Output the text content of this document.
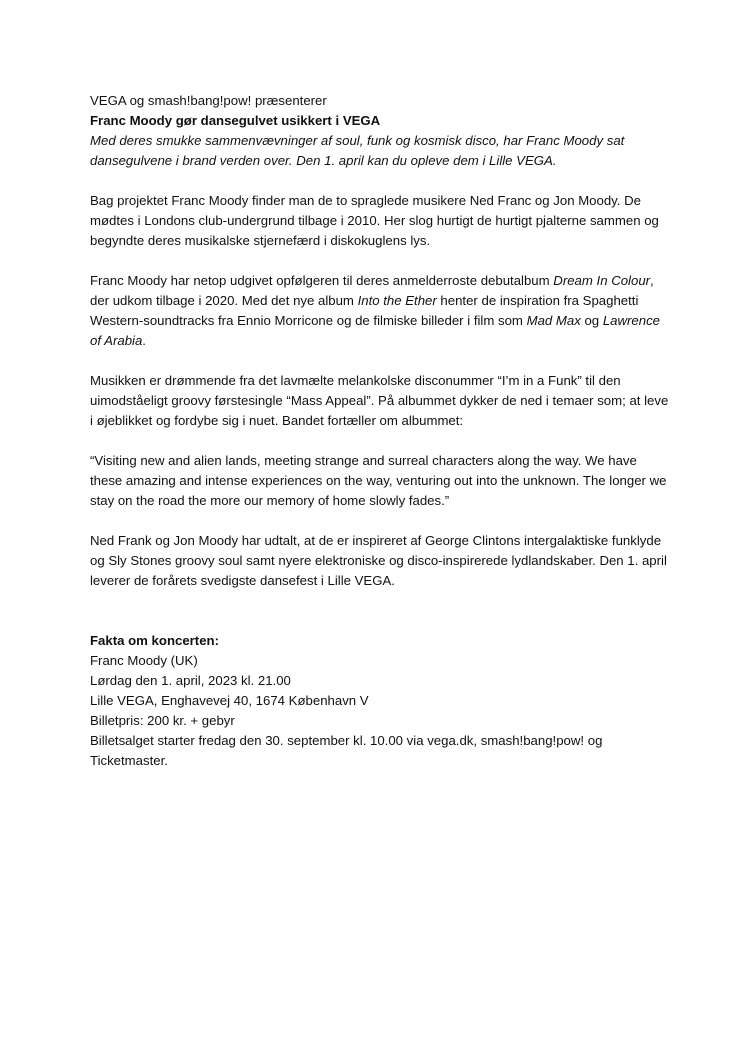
VEGA og smash!bang!pow! præsenterer

Franc Moody gør dansegulvet usikkert i VEGA

Med deres smukke sammenvævninger af soul, funk og kosmisk disco, har Franc Moody sat dansegulvene i brand verden over. Den 1. april kan du opleve dem i Lille VEGA.

Bag projektet Franc Moody finder man de to spraglede musikere Ned Franc og Jon Moody. De mødtes i Londons club-undergrund tilbage i 2010. Her slog hurtigt de hurtigt pjalterne sammen og begyndte deres musikalske stjernefærd i diskokuglens lys.

Franc Moody har netop udgivet opfølgeren til deres anmelderroste debutalbum Dream In Colour, der udkom tilbage i 2020. Med det nye album Into the Ether henter de inspiration fra Spaghetti Western-soundtracks fra Ennio Morricone og de filmiske billeder i film som Mad Max og Lawrence of Arabia.

Musikken er drømmende fra det lavmælte melankolske disconummer “I’m in a Funk” til den uimodståeligt groovy førstesingle “Mass Appeal”. På albummet dykker de ned i temaer som; at leve i øjeblikket og fordybe sig i nuet. Bandet fortæller om albummet:

“Visiting new and alien lands, meeting strange and surreal characters along the way. We have these amazing and intense experiences on the way, venturing out into the unknown. The longer we stay on the road the more our memory of home slowly fades.”

Ned Frank og Jon Moody har udtalt, at de er inspireret af George Clintons intergalaktiske funklyde og Sly Stones groovy soul samt nyere elektroniske og disco-inspirerede lydlandskaber. Den 1. april leverer de forårets svedigste dansefest i Lille VEGA.

Fakta om koncerten:

Franc Moody (UK)

Lørdag den 1. april, 2023 kl. 21.00

Lille VEGA, Enghavevej 40, 1674 København V

Billetpris: 200 kr. + gebyr

Billetsalget starter fredag den 30. september kl. 10.00 via vega.dk, smash!bang!pow! og Ticketmaster.
